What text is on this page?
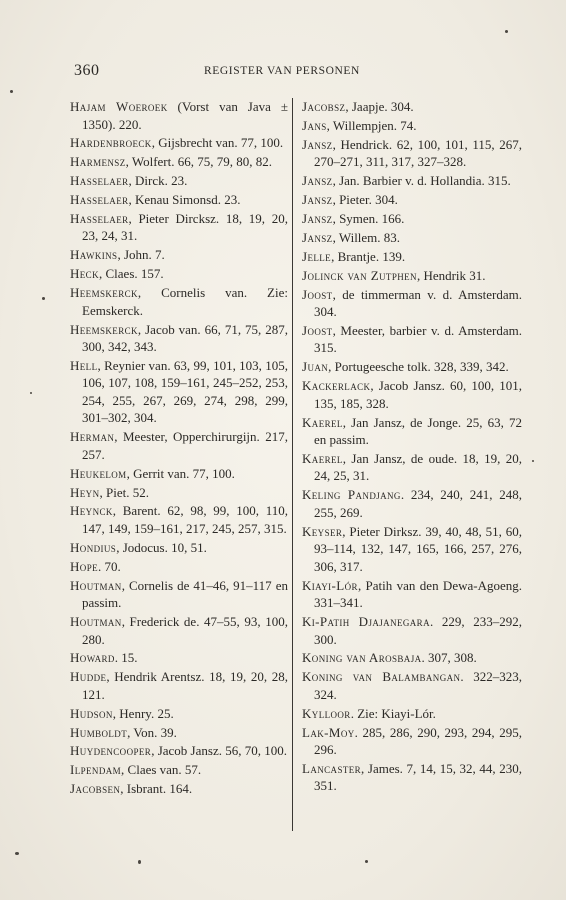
360	REGISTER VAN PERSONEN
Hajam Woeroek (Vorst van Java ± 1350). 220.
Hardenbroeck, Gijsbrecht van. 77, 100.
Harmensz, Wolfert. 66, 75, 79, 80, 82.
Hasselaer, Dirck. 23.
Hasselaer, Kenau Simonsd. 23.
Hasselaer, Pieter Dircksz. 18, 19, 20, 23, 24, 31.
Hawkins, John. 7.
Heck, Claes. 157.
Heemskerck, Cornelis van. Zie: Eemskerck.
Heemskerck, Jacob van. 66, 71, 75, 287, 300, 342, 343.
Hell, Reynier van. 63, 99, 101, 103, 105, 106, 107, 108, 159–161, 245–252, 253, 254, 255, 267, 269, 274, 298, 299, 301–302, 304.
Herman, Meester, Opperchirurgijn. 217, 257.
Heukelom, Gerrit van. 77, 100.
Heyn, Piet. 52.
Heynck, Barent. 62, 98, 99, 100, 110, 147, 149, 159–161, 217, 245, 257, 315.
Hondius, Jodocus. 10, 51.
Hope. 70.
Houtman, Cornelis de 41–46, 91–117 en passim.
Houtman, Frederick de. 47–55, 93, 100, 280.
Howard. 15.
Hudde, Hendrik Arentsz. 18, 19, 20, 28, 121.
Hudson, Henry. 25.
Humboldt, Von. 39.
Huydencooper, Jacob Jansz. 56, 70, 100.
Ilpendam, Claes van. 57.
Jacobsen, Isbrant. 164.
Jacobsz, Jaapje. 304.
Jans, Willempjen. 74.
Jansz, Hendrick. 62, 100, 101, 115, 267, 270–271, 311, 317, 327–328.
Jansz, Jan. Barbier v. d. Hollandia. 315.
Jansz, Pieter. 304.
Jansz, Symen. 166.
Jansz, Willem. 83.
Jelle, Brantje. 139.
Jolinck van Zutphen, Hendrik 31.
Joost, de timmerman v. d. Amsterdam. 304.
Joost, Meester, barbier v. d. Amsterdam. 315.
Juan, Portugeesche tolk. 328, 339, 342.
Kackerlack, Jacob Jansz. 60, 100, 101, 135, 185, 328.
Kaerel, Jan Jansz, de Jonge. 25, 63, 72 en passim.
Kaerel, Jan Jansz, de oude. 18, 19, 20, 24, 25, 31.
Keling Pandjang. 234, 240, 241, 248, 255, 269.
Keyser, Pieter Dirksz. 39, 40, 48, 51, 60, 93–114, 132, 147, 165, 166, 257, 276, 306, 317.
Kiayi-Lór, Patih van den Dewa-Agoeng. 331–341.
Ki-Patih Djajanegara. 229, 233–292, 300.
Koning van Arosbaja. 307, 308.
Koning van Balambangan. 322–323, 324.
Kylloor. Zie: Kiayi-Lór.
Lak-Moy. 285, 286, 290, 293, 294, 295, 296.
Lancaster, James. 7, 14, 15, 32, 44, 230, 351.
